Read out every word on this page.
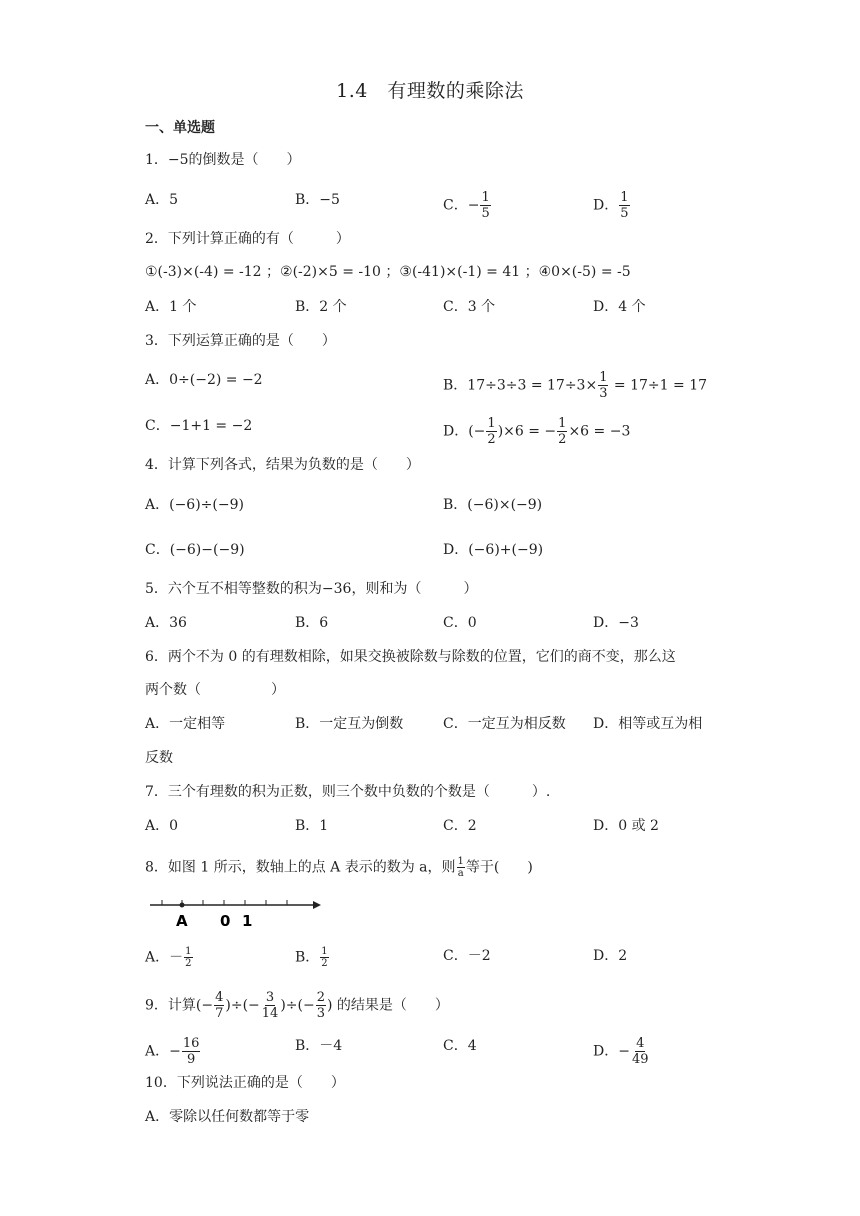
1.4　有理数的乘除法
一、单选题
1．−5的倒数是（　　）
A．5	B．−5	C．− $\frac{1}{5}$	D． $\frac{1}{5}$
2．下列计算正确的有（　　　）
①(-3)×(-4) = -12 ；②(-2)×5 = -10 ；③(-41)×(-1) = 41 ；④0×(-5) = -5
A．1 个	B．2 个	C．3 个	D．4 个
3．下列运算正确的是（　　）
A．0÷(−2) = −2	B．$17\div 3\div 3 = 17\div 3\times \frac{1}{3} = 17\div 1 = 17$
C．−1+1 = −2	D．(− $\frac{1}{2} )\times 6$ = − $\frac{1}{2} \times 6 = -3$
4．计算下列各式，结果为负数的是（　　）
A．(−6)÷(−9)	B．(−6)×(−9)
C．(−6)−(−9)	D．(−6)+(−9)
5．六个互不相等整数的积为−36，则和为（　　　）
A．36	B．6	C．0	D．−3
6．两个不为 0 的有理数相除，如果交换被除数与除数的位置，它们的商不变，那么这
两个数（　　　　　）
A．一定相等	B．一定互为倒数	C．一定互为相反数 D．相等或互为相
反数
7．三个有理数的积为正数，则三个数中负数的个数是（　　　）.
A．0	B．1	C．2	D．0 或 2
8．如图 1 所示，数轴上的点 A 表示的数为 a，则 $\frac{1}{a}$ 等于(　　)
A 0 1
A．－ $\frac{1}{2}$	B． $\frac{1}{2}$	C．－2	D．2
9．计算(− $\frac{4}{7}$ )÷(− $\frac{3}{14}$ )÷(− $\frac{2}{3}$ ) 的结果是（　　）
A．− $\frac{16}{9}$	B．－4	C．4	D．− $\frac{4}{49}$
10．下列说法正确的是（　　）
A．零除以任何数都等于零
